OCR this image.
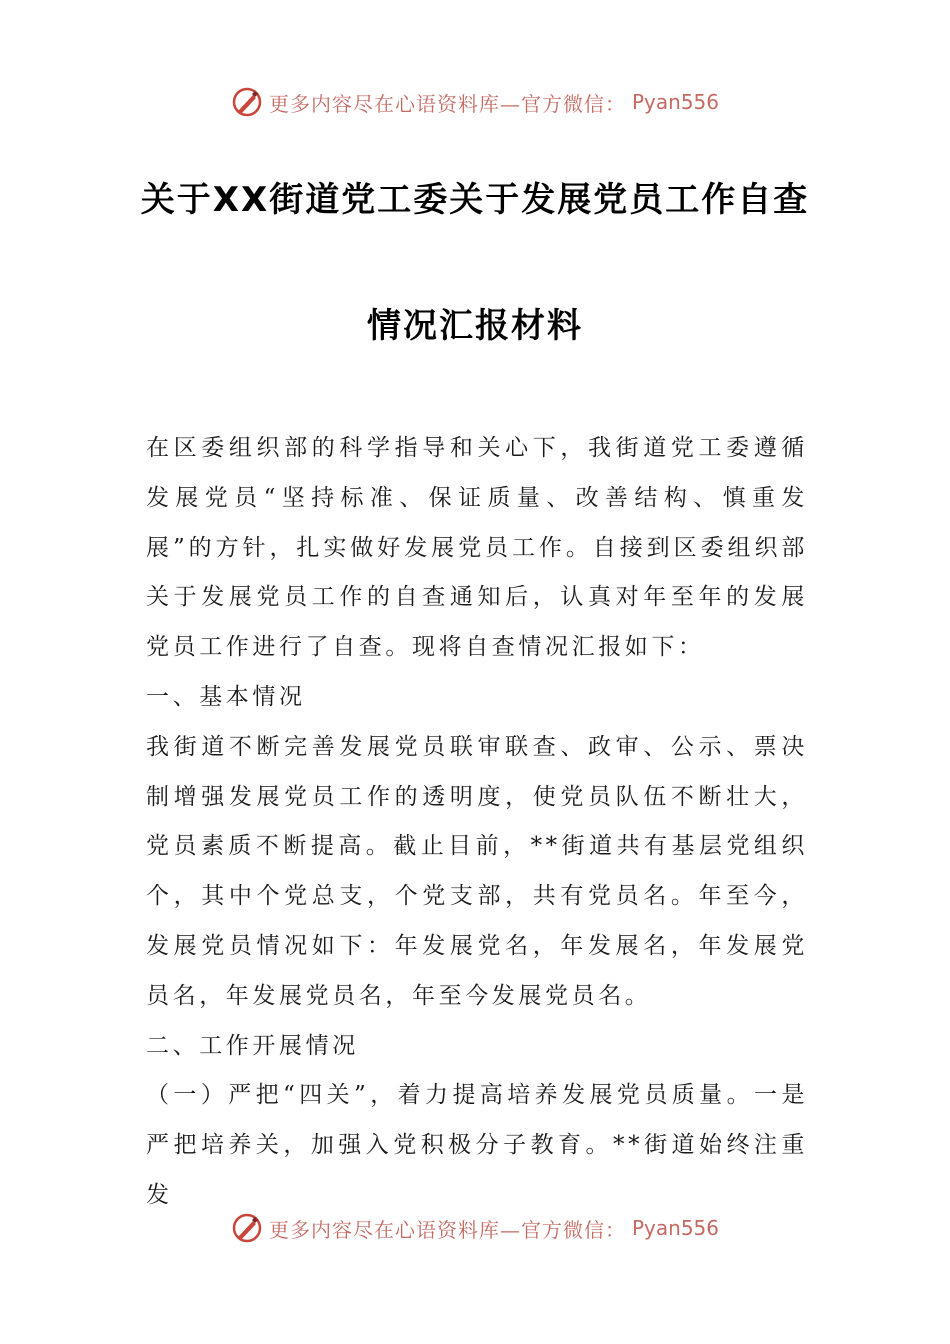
更多内容尽在心语资料库—官方微信： Pyan556
关于XX街道党工委关于发展党员工作自查
情况汇报材料

在区委组织部的科学指导和关心下，我街道党工委遵循发展党员“坚持标准、保证质量、改善结构、慎重发展”的方针，扎实做好发展党员工作。自接到区委组织部关于发展党员工作的自查通知后，认真对年至年的发展党员工作进行了自查。现将自查情况汇报如下：

一、基本情况

我街道不断完善发展党员联审联查、政审、公示、票决制增强发展党员工作的透明度，使党员队伍不断壮大，党员素质不断提高。截止目前，**街道共有基层党组织个，其中个党总支，个党支部，共有党员名。年至今，发展党员情况如下：年发展党名，年发展名，年发展党员名，年发展党员名，年至今发展党员名。

二、工作开展情况

（一）严把“四关”，着力提高培养发展党员质量。一是严把培养关，加强入党积极分子教育。**街道始终注重发

更多内容尽在心语资料库—官方微信： Pyan556
